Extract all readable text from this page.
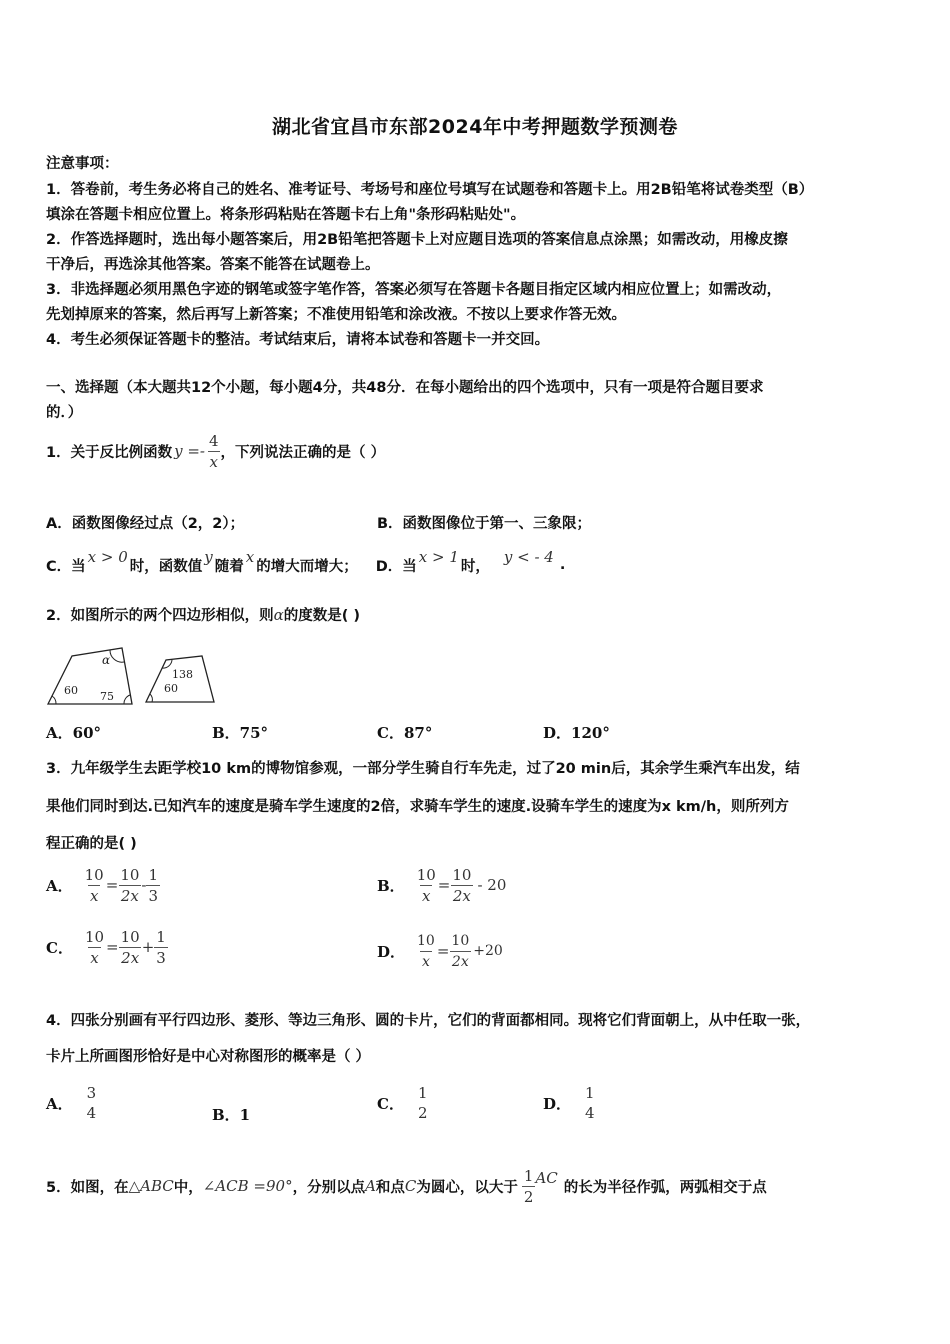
湖北省宜昌市东部2024年中考押题数学预测卷
注意事项：
1．答卷前，考生务必将自己的姓名、准考证号、考场号和座位号填写在试题卷和答题卡上。用2B铅笔将试卷类型（B）
填涂在答题卡相应位置上。将条形码粘贴在答题卡右上角"条形码粘贴处"。
2．作答选择题时，选出每小题答案后，用2B铅笔把答题卡上对应题目选项的答案信息点涂黑；如需改动，用橡皮擦
干净后，再选涂其他答案。答案不能答在试题卷上。
3．非选择题必须用黑色字迹的钢笔或签字笔作答，答案必须写在答题卡各题目指定区域内相应位置上；如需改动，
先划掉原来的答案，然后再写上新答案；不准使用铅笔和涂改液。不按以上要求作答无效。
4．考生必须保证答题卡的整洁。考试结束后，请将本试卷和答题卡一并交回。
一、选择题（本大题共12个小题，每小题4分，共48分．在每小题给出的四个选项中，只有一项是符合题目要求
的．）
1．关于反比例函数 $y =- \frac{4}{x}$ ，下列说法正确的是（ ）
A．函数图像经过点（2，2）；	B．函数图像位于第一、三象限；
C．当
x > 0
时，函数值
y
随着
x
的增大而增大； D．当
x > 1
时，
y < - 4 .
2．如图所示的两个四边形相似，则α的度数是( )
α
60 75
138
60
A．60°	B．75°	C．87°	D．120°
3．九年级学生去距学校10 km的博物馆参观，一部分学生骑自行车先走，过了20 min后，其余学生乘汽车出发，结
果他们同时到达.已知汽车的速度是骑车学生速度的2倍，求骑车学生的速度.设骑车学生的速度为x km/h，则所列方
程正确的是( )
A． $\frac{10}{x} = \frac{10}{2x} - \frac{1}{3}$	B． $\frac{10}{x} = \frac{10}{2x} - 20$
C． $\frac{10}{x} = \frac{10}{2x} + \frac{1}{3}$	D． $\frac{10}{x} = \frac{10}{2x} +20$
4．四张分别画有平行四边形、菱形、等边三角形、圆的卡片，它们的背面都相同。现将它们背面朝上，从中任取一张，
卡片上所画图形恰好是中心对称图形的概率是（ ）
A．
3
4	B．1
C．
1
2
D．
1
4
5．如图，在 △ABC 中， ∠ACB =90° ，分别以点 A 和点 C 为圆心，以大于 $\frac{1}{2}$ AC
的长为半径作弧，两弧相交于点
